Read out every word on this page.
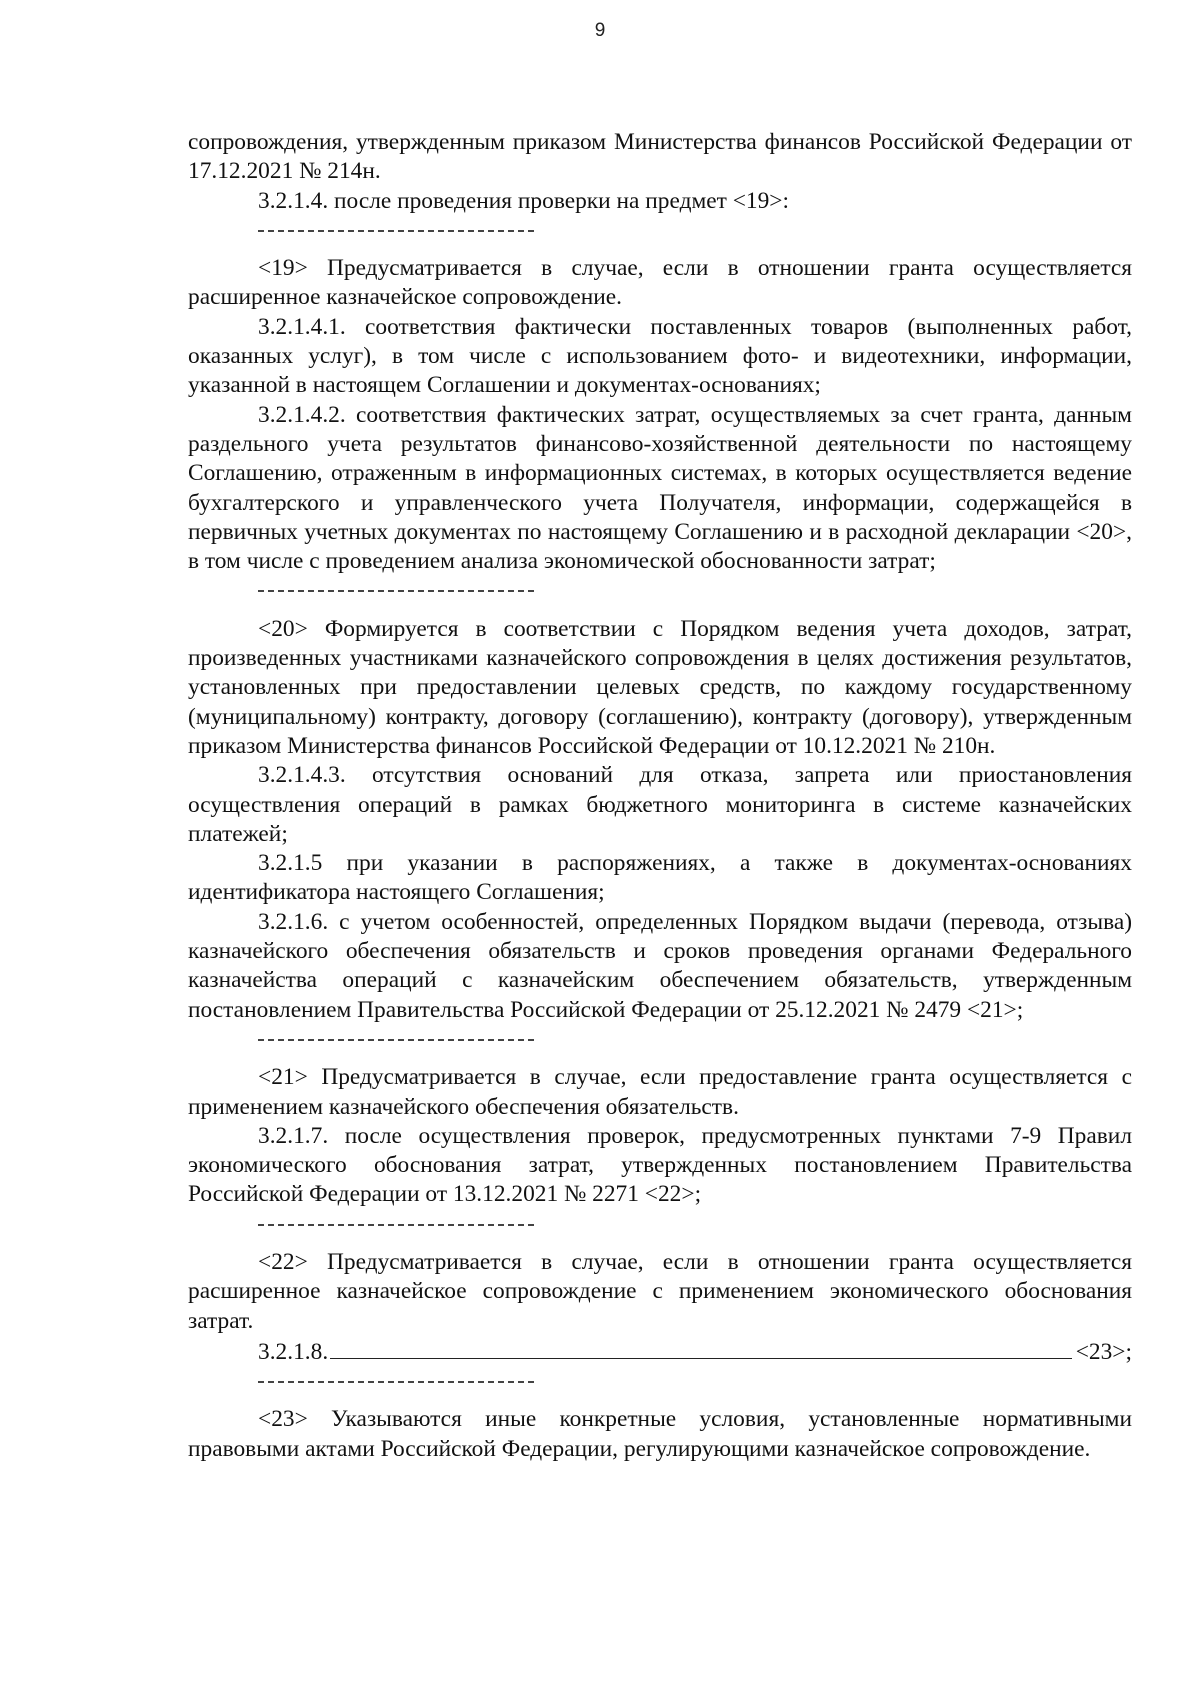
9

сопровождения, утвержденным приказом Министерства финансов Российской Федерации от 17.12.2021 № 214н.

3.2.1.4. после проведения проверки на предмет <19>:

<19> Предусматривается в случае, если в отношении гранта осуществляется расширенное казначейское сопровождение.

3.2.1.4.1. соответствия фактически поставленных товаров (выполненных работ, оказанных услуг), в том числе с использованием фото- и видеотехники, информации, указанной в настоящем Соглашении и документах-основаниях;

3.2.1.4.2. соответствия фактических затрат, осуществляемых за счет гранта, данным раздельного учета результатов финансово-хозяйственной деятельности по настоящему Соглашению, отраженным в информационных системах, в которых осуществляется ведение бухгалтерского и управленческого учета Получателя, информации, содержащейся в первичных учетных документах по настоящему Соглашению и в расходной декларации <20>, в том числе с проведением анализа экономической обоснованности затрат;

<20> Формируется в соответствии с Порядком ведения учета доходов, затрат, произведенных участниками казначейского сопровождения в целях достижения результатов, установленных при предоставлении целевых средств, по каждому государственному (муниципальному) контракту, договору (соглашению), контракту (договору), утвержденным приказом Министерства финансов Российской Федерации от 10.12.2021 № 210н.

3.2.1.4.3. отсутствия оснований для отказа, запрета или приостановления осуществления операций в рамках бюджетного мониторинга в системе казначейских платежей;

3.2.1.5 при указании в распоряжениях, а также в документах-основаниях идентификатора настоящего Соглашения;

3.2.1.6. с учетом особенностей, определенных Порядком выдачи (перевода, отзыва) казначейского обеспечения обязательств и сроков проведения органами Федерального казначейства операций с казначейским обеспечением обязательств, утвержденным постановлением Правительства Российской Федерации от 25.12.2021 № 2479 <21>;

<21> Предусматривается в случае, если предоставление гранта осуществляется с применением казначейского обеспечения обязательств.

3.2.1.7. после осуществления проверок, предусмотренных пунктами 7-9 Правил экономического обоснования затрат, утвержденных постановлением Правительства Российской Федерации от 13.12.2021 № 2271 <22>;

<22> Предусматривается в случае, если в отношении гранта осуществляется расширенное казначейское сопровождение с применением экономического обоснования затрат.

3.2.1.8.	<23>;

<23> Указываются иные конкретные условия, установленные нормативными правовыми актами Российской Федерации, регулирующими казначейское сопровождение.
